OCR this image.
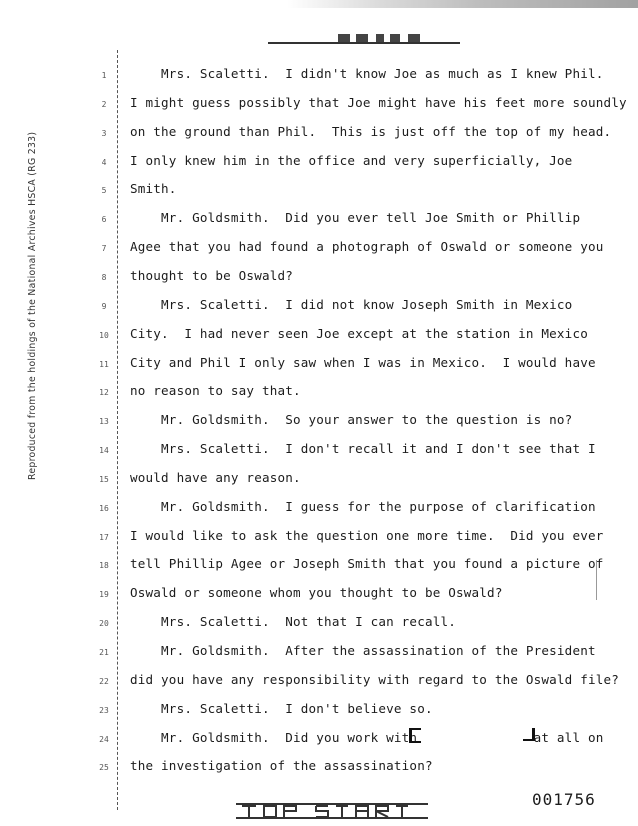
Reproduced from the holdings of the National Archives HSCA (RG 233)
1
2
3
4
5
6
7
8
9
10
11
12
13
14
15
16
17
18
19
20
21
22
23
24
25
Mrs. Scaletti.  I didn't know Joe as much as I knew Phil.
I might guess possibly that Joe might have his feet more soundly
on the ground than Phil.  This is just off the top of my head.
I only knew him in the office and very superficially, Joe
Smith.
Mr. Goldsmith.  Did you ever tell Joe Smith or Phillip
Agee that you had found a photograph of Oswald or someone you
thought to be Oswald?
Mrs. Scaletti.  I did not know Joseph Smith in Mexico
City.  I had never seen Joe except at the station in Mexico
City and Phil I only saw when I was in Mexico.  I would have
no reason to say that.
Mr. Goldsmith.  So your answer to the question is no?
Mrs. Scaletti.  I don't recall it and I don't see that I
would have any reason.
Mr. Goldsmith.  I guess for the purpose of clarification
I would like to ask the question one more time.  Did you ever
tell Phillip Agee or Joseph Smith that you found a picture of
Oswald or someone whom you thought to be Oswald?
Mrs. Scaletti.  Not that I can recall.
Mr. Goldsmith.  After the assassination of the President
did you have any responsibility with regard to the Oswald file?
Mrs. Scaletti.  I don't believe so.
Mr. Goldsmith.  Did you work with               at all on
the investigation of the assassination?
001756
